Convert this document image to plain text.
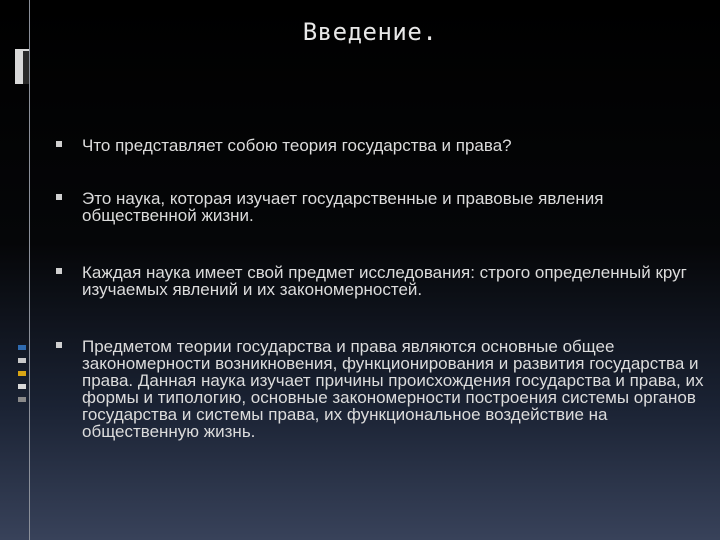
Введение.
Что представляет собою теория государства и права?
Это наука, которая изучает государственные и правовые явления общественной жизни.
Каждая наука имеет свой предмет исследования: строго определенный круг изучаемых явлений и их закономерностей.
Предметом теории государства и права являются основные общее закономерности возникновения, функционирования и развития государства и права. Данная наука изучает причины происхождения государства и права, их формы и типологию, основные закономерности построения системы органов государства и системы права, их функциональное воздействие на общественную жизнь.
